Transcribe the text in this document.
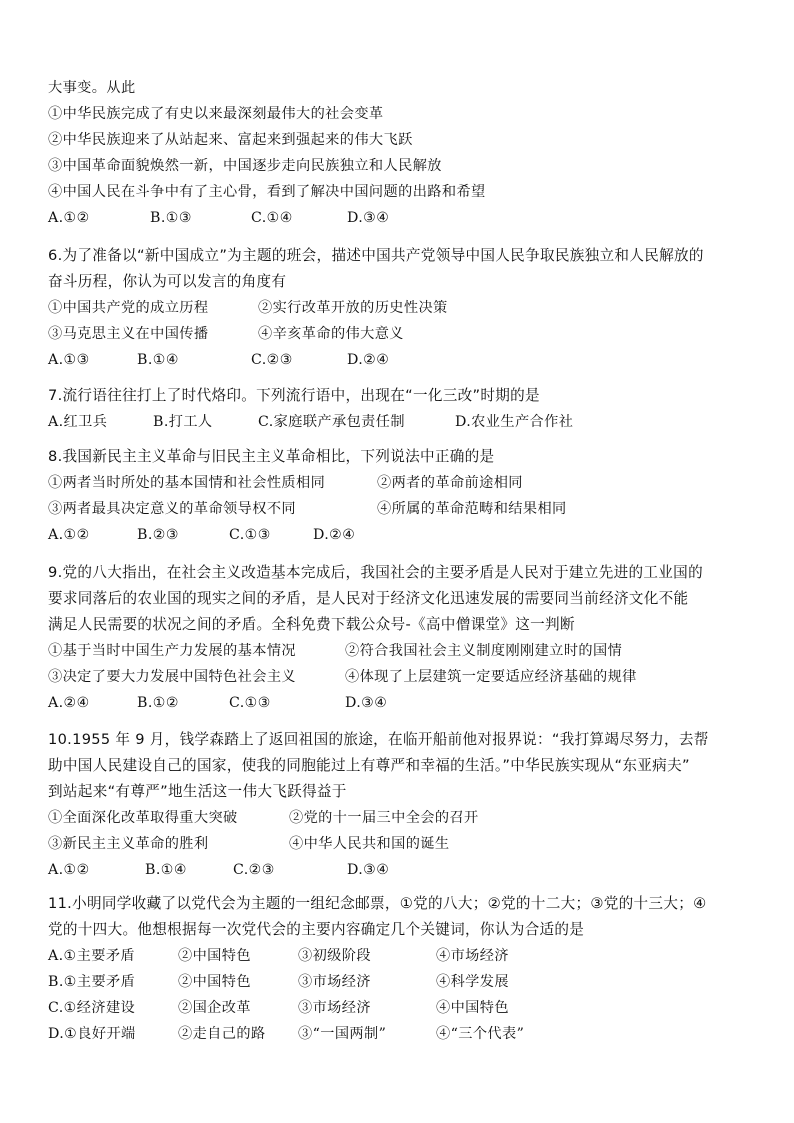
大事变。从此
①中华民族完成了有史以来最深刻最伟大的社会变革
②中华民族迎来了从站起来、富起来到强起来的伟大飞跃
③中国革命面貌焕然一新，中国逐步走向民族独立和人民解放
④中国人民在斗争中有了主心骨，看到了解决中国问题的出路和希望
A.①②	B.①③	C.①④	D.③④
6.为了准备以“新中国成立”为主题的班会，描述中国共产党领导中国人民争取民族独立和人民解放的
奋斗历程，你认为可以发言的角度有
①中国共产党的成立历程	②实行改革开放的历史性决策
③马克思主义在中国传播	④辛亥革命的伟大意义
A.①③	B.①④	C.②③	D.②④
7.流行语往往打上了时代烙印。下列流行语中，出现在“一化三改”时期的是
A.红卫兵	B.打工人	C.家庭联产承包责任制	D.农业生产合作社
8.我国新民主主义革命与旧民主主义革命相比，下列说法中正确的是
①两者当时所处的基本国情和社会性质相同	②两者的革命前途相同
③两者最具决定意义的革命领导权不同	④所属的革命范畴和结果相同
A.①②	B.②③	C.①③	D.②④
9.党的八大指出，在社会主义改造基本完成后，我国社会的主要矛盾是人民对于建立先进的工业国的
要求同落后的农业国的现实之间的矛盾，是人民对于经济文化迅速发展的需要同当前经济文化不能
满足人民需要的状况之间的矛盾。全科免费下载公众号-《高中僧课堂》这一判断
①基于当时中国生产力发展的基本情况	②符合我国社会主义制度刚刚建立时的国情
③决定了要大力发展中国特色社会主义	④体现了上层建筑一定要适应经济基础的规律
A.②④	B.①②	C.①③	D.③④
10.1955 年 9 月，钱学森踏上了返回祖国的旅途，在临开船前他对报界说：“我打算竭尽努力，去帮
助中国人民建设自己的国家，使我的同胞能过上有尊严和幸福的生活。”中华民族实现从“东亚病夫”
到站起来“有尊严”地生活这一伟大飞跃得益于
①全面深化改革取得重大突破	②党的十一届三中全会的召开
③新民主主义革命的胜利	④中华人民共和国的诞生
A.①②	B.①④	C.②③	D.③④
11.小明同学收藏了以党代会为主题的一组纪念邮票，①党的八大；②党的十二大；③党的十三大；④
党的十四大。他想根据每一次党代会的主要内容确定几个关键词，你认为合适的是
A.①主要矛盾	②中国特色	③初级阶段	④市场经济
B.①主要矛盾	②中国特色	③市场经济	④科学发展
C.①经济建设	②国企改革	③市场经济	④中国特色
D.①良好开端	②走自己的路 ③“一国两制”	④“三个代表”
